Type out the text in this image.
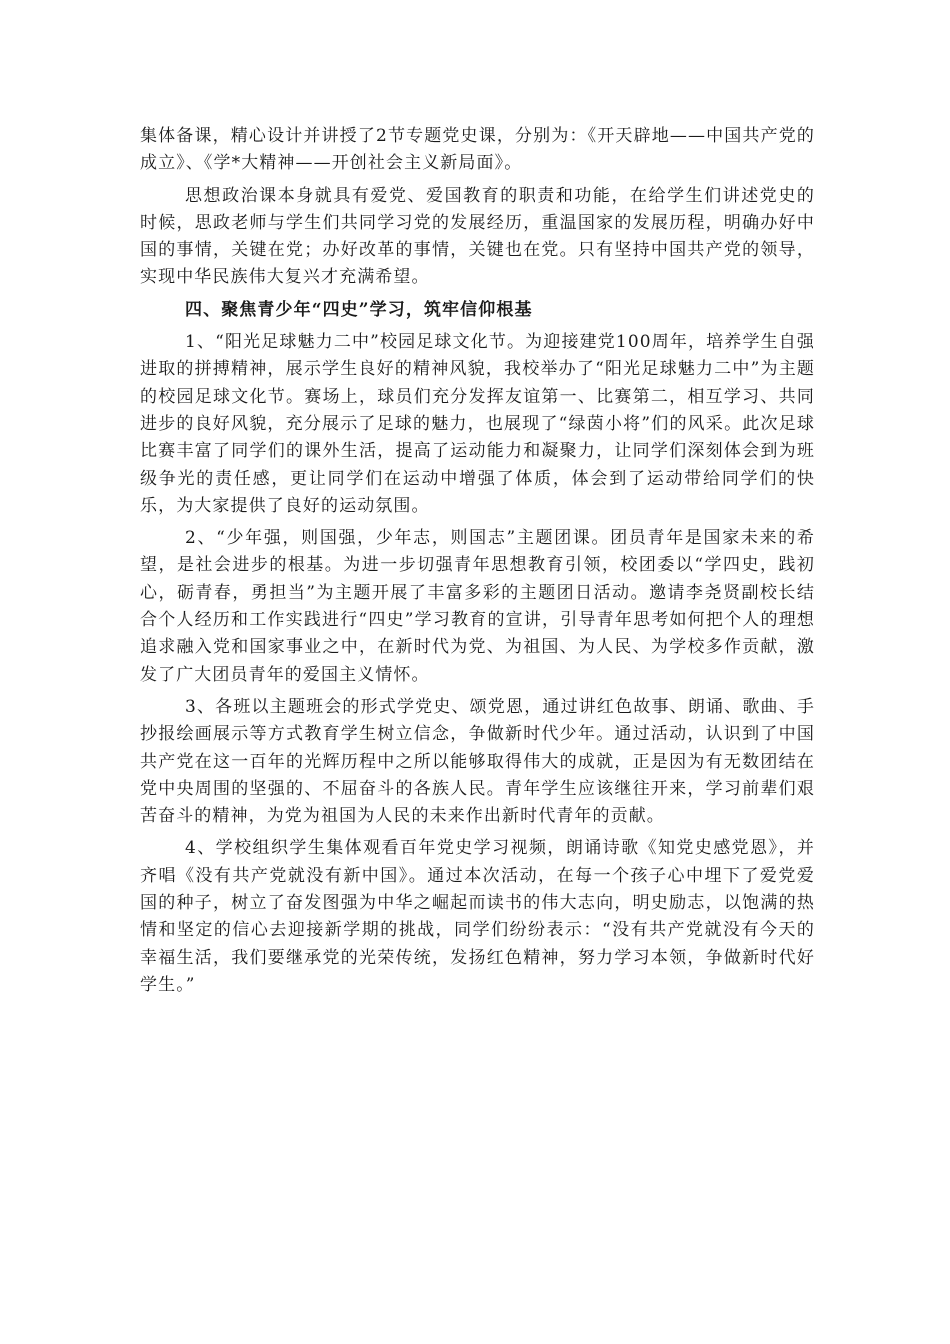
集体备课，精心设计并讲授了2节专题党史课，分别为：《开天辟地——中国共产党的成立》、《学*大精神——开创社会主义新局面》。

思想政治课本身就具有爱党、爱国教育的职责和功能，在给学生们讲述党史的时候，思政老师与学生们共同学习党的发展经历，重温国家的发展历程，明确办好中国的事情，关键在党；办好改革的事情，关键也在党。只有坚持中国共产党的领导，实现中华民族伟大复兴才充满希望。

四、聚焦青少年“四史”学习，筑牢信仰根基

1、“阳光足球魅力二中”校园足球文化节。为迎接建党100周年，培养学生自强进取的拼搏精神，展示学生良好的精神风貌，我校举办了“阳光足球魅力二中”为主题的校园足球文化节。赛场上，球员们充分发挥友谊第一、比赛第二，相互学习、共同进步的良好风貌，充分展示了足球的魅力，也展现了“绿茵小将”们的风采。此次足球比赛丰富了同学们的课外生活，提高了运动能力和凝聚力，让同学们深刻体会到为班级争光的责任感，更让同学们在运动中增强了体质，体会到了运动带给同学们的快乐，为大家提供了良好的运动氛围。

2、“少年强，则国强，少年志，则国志”主题团课。团员青年是国家未来的希望，是社会进步的根基。为进一步切强青年思想教育引领，校团委以“学四史，践初心，砺青春，勇担当”为主题开展了丰富多彩的主题团日活动。邀请李尧贤副校长结合个人经历和工作实践进行“四史”学习教育的宣讲，引导青年思考如何把个人的理想追求融入党和国家事业之中，在新时代为党、为祖国、为人民、为学校多作贡献，激发了广大团员青年的爱国主义情怀。

3、各班以主题班会的形式学党史、颂党恩，通过讲红色故事、朗诵、歌曲、手抄报绘画展示等方式教育学生树立信念，争做新时代少年。通过活动，认识到了中国共产党在这一百年的光辉历程中之所以能够取得伟大的成就，正是因为有无数团结在党中央周围的坚强的、不屈奋斗的各族人民。青年学生应该继往开来，学习前辈们艰苦奋斗的精神，为党为祖国为人民的未来作出新时代青年的贡献。

4、学校组织学生集体观看百年党史学习视频，朗诵诗歌《知党史感党恩》，并齐唱《没有共产党就没有新中国》。通过本次活动，在每一个孩子心中埋下了爱党爱国的种子，树立了奋发图强为中华之崛起而读书的伟大志向，明史励志，以饱满的热情和坚定的信心去迎接新学期的挑战，同学们纷纷表示：“没有共产党就没有今天的幸福生活，我们要继承党的光荣传统，发扬红色精神，努力学习本领，争做新时代好学生。”
